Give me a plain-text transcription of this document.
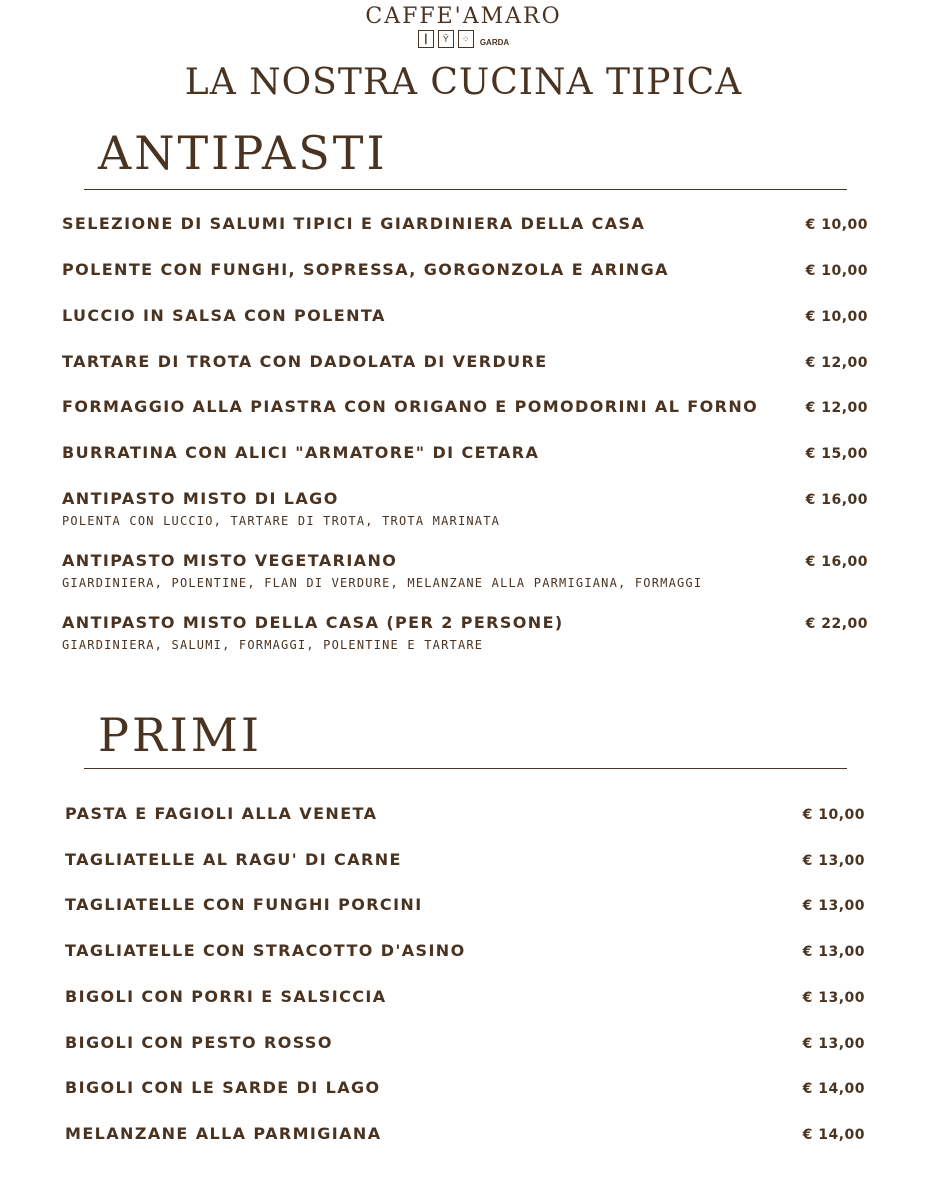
CAFFE'AMARO
┃	Ÿ	⁘	GARDA
LA NOSTRA CUCINA TIPICA
ANTIPASTI
SELEZIONE DI SALUMI TIPICI E GIARDINIERA DELLA CASA	€ 10,00
POLENTE CON FUNGHI, SOPRESSA, GORGONZOLA E ARINGA	€ 10,00
LUCCIO IN SALSA CON POLENTA	€ 10,00
TARTARE DI TROTA CON DADOLATA DI VERDURE	€ 12,00
FORMAGGIO ALLA PIASTRA CON ORIGANO E POMODORINI AL FORNO	€ 12,00
BURRATINA CON ALICI "ARMATORE" DI CETARA	€ 15,00
ANTIPASTO MISTO DI LAGO	€ 16,00
POLENTA CON LUCCIO, TARTARE DI TROTA, TROTA MARINATA
ANTIPASTO MISTO VEGETARIANO	€ 16,00
GIARDINIERA, POLENTINE, FLAN DI VERDURE, MELANZANE ALLA PARMIGIANA, FORMAGGI
ANTIPASTO MISTO DELLA CASA (PER 2 PERSONE)	€ 22,00
GIARDINIERA, SALUMI, FORMAGGI, POLENTINE E TARTARE
PRIMI
PASTA E FAGIOLI ALLA VENETA	€ 10,00
TAGLIATELLE AL RAGU' DI CARNE	€ 13,00
TAGLIATELLE CON FUNGHI PORCINI	€ 13,00
TAGLIATELLE CON STRACOTTO D'ASINO	€ 13,00
BIGOLI CON PORRI E SALSICCIA	€ 13,00
BIGOLI CON PESTO ROSSO	€ 13,00
BIGOLI CON LE SARDE DI LAGO	€ 14,00
MELANZANE ALLA PARMIGIANA	€ 14,00
